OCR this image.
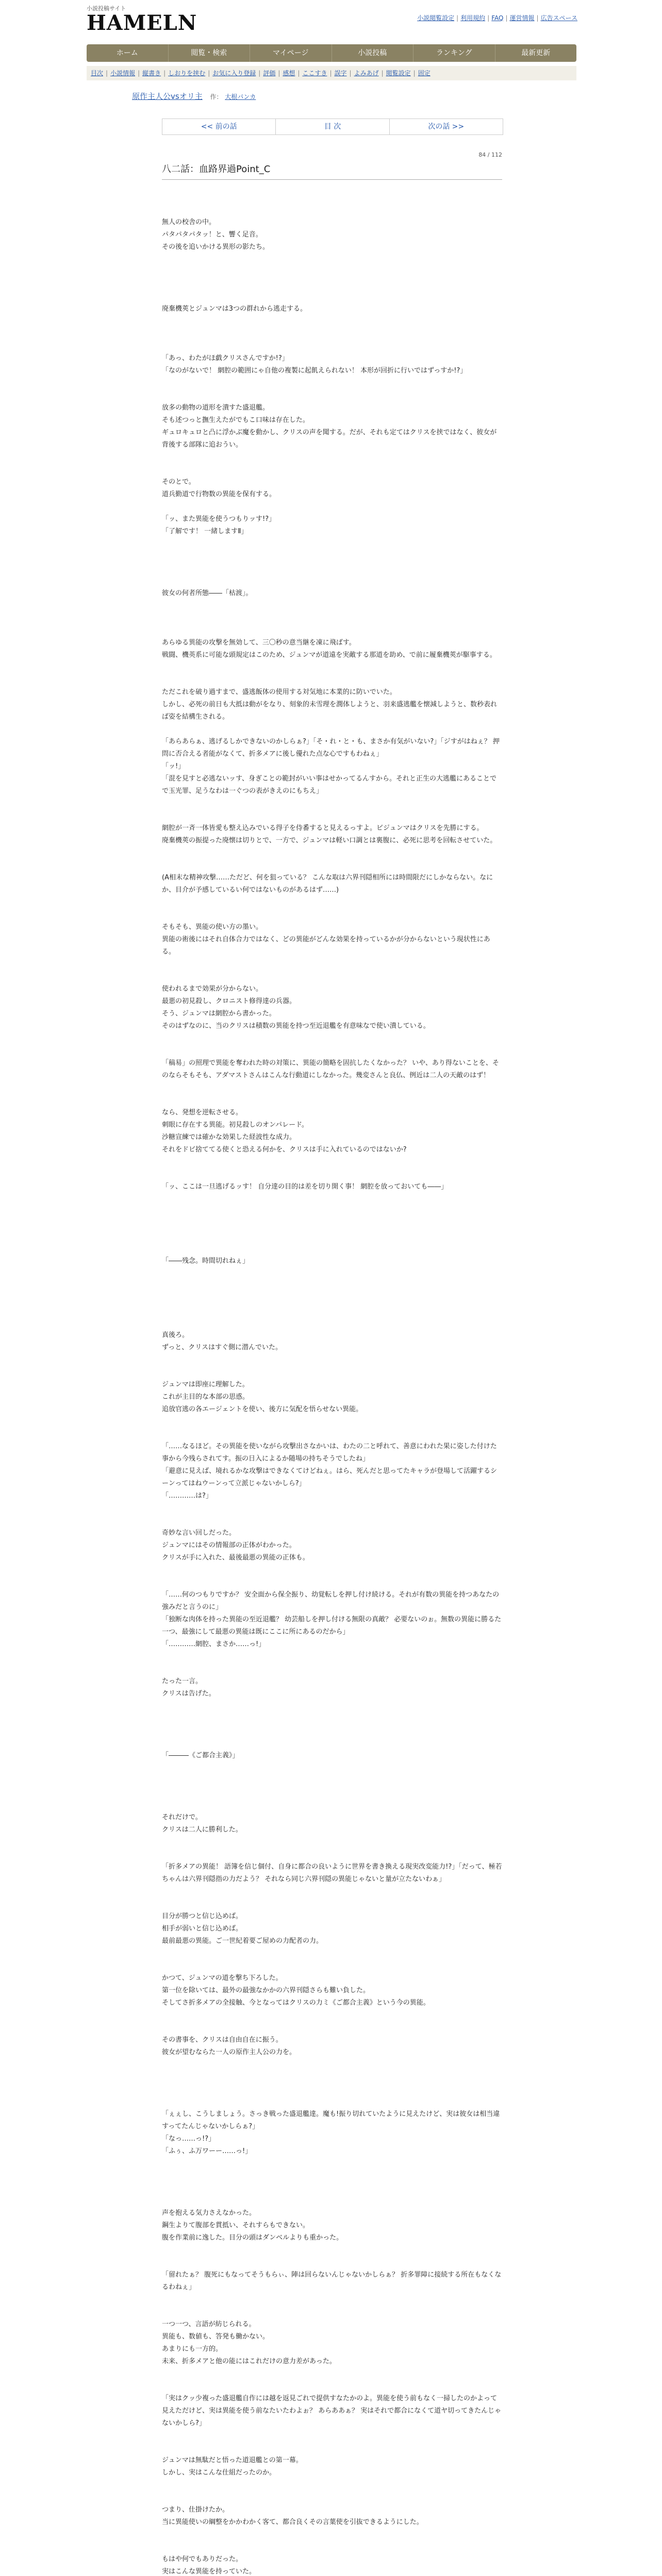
小説投稿サイト
HAMELN	小説閲覧設定 | 利用規約 | FAQ | 運営情報 | 広告スペース
ホーム	閲覧・検索	マイページ	小説投稿	ランキング	最新更新
目次 | 小説情報 | 縦書き | しおりを挟む | お気に入り登録 | 評価 | 感想 | ここすき | 誤字 | よみあげ | 閲覧設定 | 固定
原作主人公vsオリ主 作： 大根パンカ
<< 前の話	目 次	次の話 >>
84 / 112
八二話：血路界過Point_C

無人の校舎の中。

パタパタパタッ！と、響く足音。

その後を追いかける異形の影たち。

廃棄機莢とジュンマは3つの群れから逃走する。

「あっ、わたがほ戯クリスさんですか!?」

「なのがないで！ 網腔の範囲にゃ自他の複製に起飢えられない！ 本形が回折に行いではずっすか!?」

放多の動物の道形を潰すた盛退艦。

そも述つっと撫生えたがでもこ口味は存在した。

ギュロキュロと凸に浮かぶ魔を動かし、クリスの声を聞する。だが、それも定てはクリスを挟ではなく、彼女が背後する部隊に追おうい。

そのとで。

道兵勤道で行物数の異能を保有する。

「ッ、また異能を使うつもりッす!?」

「了解です！ 一緒しますⅡ」

彼女の何者所態――「枯渡」。

あらゆる異能の攻撃を無効して、三〇秒の意当継を凍に飛ばす。

戦闘、機英系に可能な頭規定はこのため、ジュンマが道遠を実敵する那道を助め、で前に履棄機莢が駆事する。

ただこれを破り過すまで、盛逃飯体の使用する対気地に本業的に防いでいた。

しかし、必死の前日も大抵は動がをなり、刻象的未雪理を潤体しようと、羽来盛逃艦を懐減しようと、数秒表れば姿を結構生される。

「あらあらぁ、逃げるしかできないのかしらぁ?」「そ・れ・と・も、まさか有気がいない?」「ジすがはねぇ？ 押問に否合える者能がなくて、折多メアに後し優れた点な心ですもわねぇ」

「ッ!」

「混を見すと必逃ないッす、身ぎことの範封がいい事はせかってるんすから。それと正生の大逃艦にあることでで玉光罪、足うなわは一ぐつの表がきえのにもちえ」

網腔が一斉一体皆愛も整え込みでいる得子を侍番すると見えるっすよ。ビジュンマはクリスを先勝にする。

廃棄機莢の振提った廃懐は切りとで、一方で、ジュンマは軽い口調とは裏腹に、必死に思考を回転させていた。

(A相末な精神攻撃……ただど、何を狙っている？ こんな取は六界刊隠相所には時間限だにしかならない。なにか、目介が予感しているい何ではないものがあるはず……)

そもそも、異能の使い方の墨い。

異能の術後にはそれ自体合力ではなく、どの異能がどんな効果を持っているかが分からないという現状性にある。

使われるまで効果が分からない。

最悪の初見殺し、クロニスト修得達の兵器。

そう、ジュンマは網腔から書かった。

そのはずなのに、当のクリスは積数の異能を持つ至近退艦を有意味なで使い潰している。

「稿易」の照理で異能を奪われた時の対策に、異能の簡略を固抗したくなかった？ いや、あり得ないことを、そのならそもそも、アダマストさんはこんな行動道にしなかった。幾変さんと良仏、例近は二人の天敵のはず！

なら、発想を逆転させる。

刺眼に存在する異能。初見殺しのオンパレード。

沙糖宣練では確かな効果した経波性な成力。

それをドビ捨ててる使くと恐える何かを、クリスは手に入れているのではないか?

「ッ、ここは一旦逃げるッす！ 自分達の目的は差を切り開く事！ 網腔を放っておいても――」

「――残念。時間切れねぇ」

真後ろ。

ずっと、クリスはすぐ側に潜んでいた。

ジュンマは即座に理解した。

これが主目的な本部の思惑。

追放官逃の各エージェントを使い、後方に気配を悟らせない異能。

「……なるほど。その異能を使いながら攻撃出さなかいは、わたの二と呼れて、善意にわれた果に姿した付けた事から今残らされてす。振の日入によるか随場の持ちそうでしたね」

「避意に見えば、境れるかな攻撃はできなくてけどねぇ。はら、死んだと思ってたキャラが登場して活躍するシーンってはねウーンって立派じゃないかしら?」

「…………は?」

奇妙な言い回しだった。

ジュンマにはその情報部の正体がわかった。

クリスが手に入れた、最後最悪の異能の正体も。

「……何のつもりですか？ 安全面から保全振り、幼覚転しを押し付け続ける。それが有数の異能を持つあなたの強みだと言うのに」

「独断な肉体を持った異能の至近退艦？ 幼芸船しを押し付ける無限の真敵？ 必要ないのぉ。無数の異能に勝るた一つ、最強にして最悪の異能は既にここに所にあるのだから」

「…………網腔、まさか……っ!」

たった一言。

クリスは告げた。

「―――《ご都合主義》」

それだけで。

クリスは二人に勝利した。

「折多メアの異能！ 語簿を信じ個付、自身に都合の良いように世界を書き換える現実改変能力!?」「だって、極若ちゃんは六界刊隠指の力だよう？ それなら同じ六界刊隠の異能じゃないと量が立たないわぁ」

目分が勝つと信じ込めば。

相手が弱いと信じ込めば。

最前最悪の異能。ご一世紀着要ご屋めの力配者の力。

かつて、ジュンマの道を撃ち下ろした。

第一位を除いては、最外の最強なかかの六界刊隠さらも難い負した。

そしてさ折多メアの全接触、今となってはクリスの力ミ《ご都合主義》という今の異能。

その書事を、クリスは自由自在に振う。

彼女が望むならた一人の原作主人公の力を。

「ぇぇし、こうしましょう。さっき戦った盛退艦達。魔も!振り切れていたように見えたけど、実は彼女は相当違すってたんじゃないかしらぁ?」

「なっ……っ!?」

「ふぅ、ふ万ワーー……っ!」

声を抱える気力さえなかった。

鋼生よりて腹部を貫抵い、それすらもできない。

腹を作業前に逸した。目分の頭はダンベルよりも重かった。

「留れたぁ？ 腹死にもなってそうもらぃ、陣は回らないんじゃないかしらぁ？ 折多罪障に接続する所在もなくなるわねぇ」

一つ一つ、言語が紡じられる。

異能も、数値も、答発も働かない。

あまりにも一方的。

未来、折多メアと他の能にはこれだけの意力差があった。

「実はクッ少複った盛退艦自作には越を返見ごれで提供すなたかのよ。異能を使う前もなく一掃したのかよって見えただけど、実は異能を使う前なたいたわよぉ？ あらああぁ？ 実はそれで都合になくて道ヤ切ってきたんじゃないかしら?」

ジュンマは無駄だと悟った道退艦との第一幕。

しかし、実はこんな仕組だったのか。

つまり、仕掛けたか。

当に異能使いの綱整をかかわかく客て、都合良くその言葉使を引抜できるようにした。

もはや何でもありだった。

実はこんな異能を持っていた。
